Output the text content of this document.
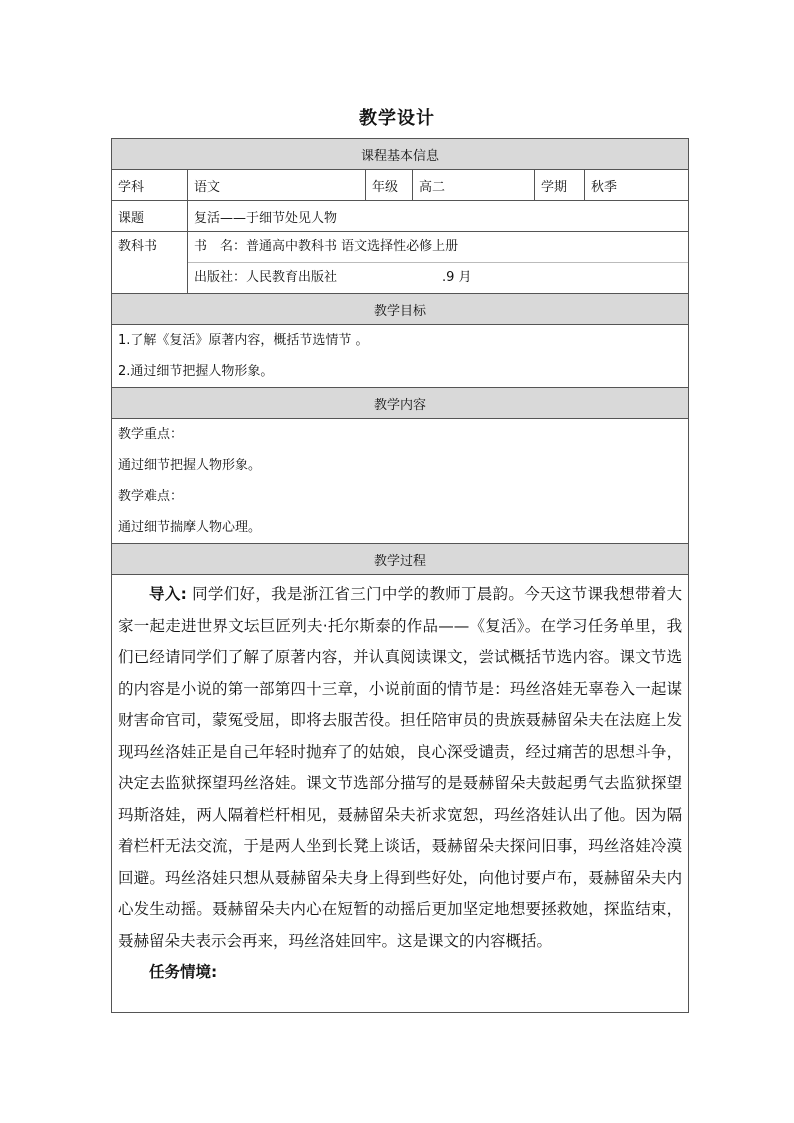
教学设计
课程基本信息					
学科	语文	年级	高二	学期	秋季
课题	复活——于细节处见人物				

教科书	书　名：普通高中教科书 语文选择性必修上册
出版社：人民教育出版社 .9 月				

教学目标					

1.了解《复活》原著内容，概括节选情节 。
2.通过细节把握人物形象。					

教学内容					

教学重点：
通过细节把握人物形象。
教学难点：
通过细节揣摩人物心理。					

教学过程					

导入: 同学们好，我是浙江省三门中学的教师丁晨韵。今天这节课我想带着大家一起走进世界文坛巨匠列夫·托尔斯泰的作品——《复活》。在学习任务单里，我们已经请同学们了解了原著内容，并认真阅读课文，尝试概括节选内容。课文节选的内容是小说的第一部第四十三章，小说前面的情节是：玛丝洛娃无辜卷入一起谋财害命官司，蒙冤受屈，即将去服苦役。担任陪审员的贵族聂赫留朵夫在法庭上发现玛丝洛娃正是自己年轻时抛弃了的姑娘，良心深受谴责，经过痛苦的思想斗争，决定去监狱探望玛丝洛娃。课文节选部分描写的是聂赫留朵夫鼓起勇气去监狱探望玛斯洛娃，两人隔着栏杆相见，聂赫留朵夫祈求宽恕，玛丝洛娃认出了他。因为隔着栏杆无法交流，于是两人坐到长凳上谈话，聂赫留朵夫探问旧事，玛丝洛娃冷漠回避。玛丝洛娃只想从聂赫留朵夫身上得到些好处，向他讨要卢布，聂赫留朵夫内心发生动摇。聂赫留朵夫内心在短暂的动摇后更加坚定地想要拯救她，探监结束，聂赫留朵夫表示会再来，玛丝洛娃回牢。这是课文的内容概括。

任务情境:					
